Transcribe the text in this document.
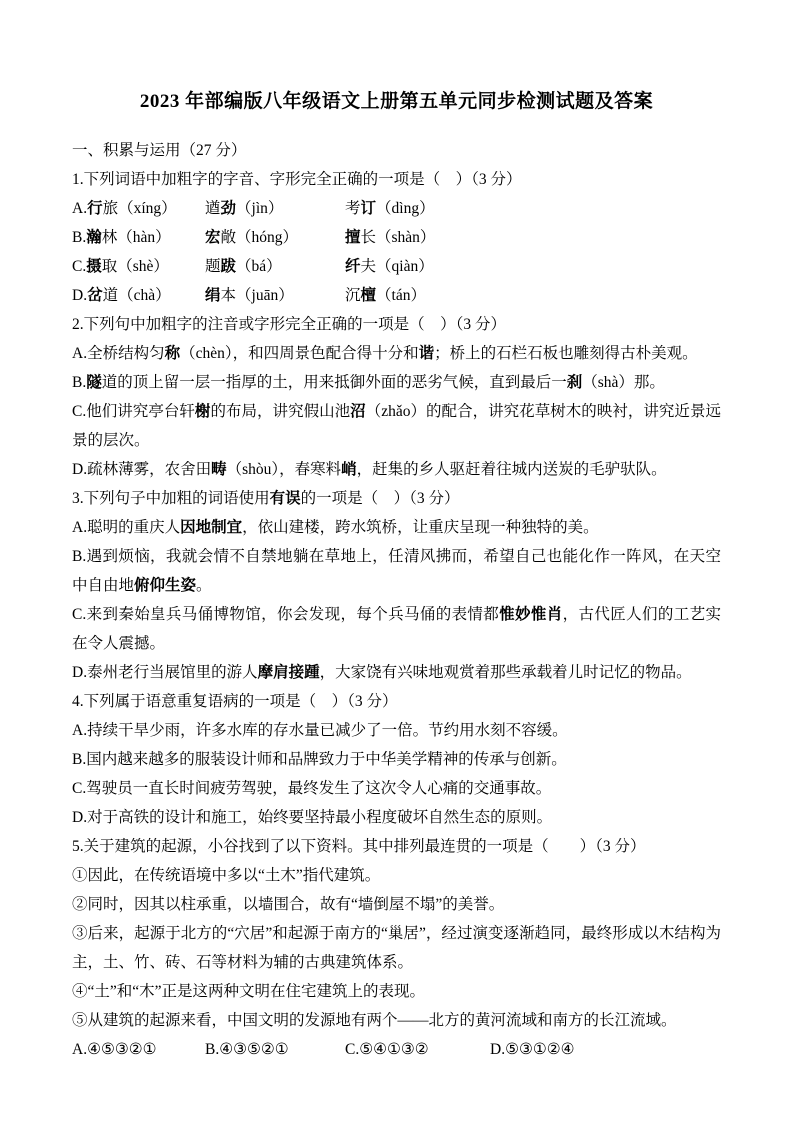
2023 年部编版八年级语文上册第五单元同步检测试题及答案
一、积累与运用（27 分）
1.下列词语中加粗字的字音、字形完全正确的一项是（　）（3 分）
A.行旅（xíng）	遒劲（jìn）	考订（dìng）
B.瀚林（hàn）	宏敞（hóng）	擅长（shàn）
C.摄取（shè）	题跋（bá）	纤夫（qiàn）
D.岔道（chà）	绢本（juān）	沉檀（tán）
2.下列句中加粗字的注音或字形完全正确的一项是（　）（3 分）
A.全桥结构匀称（chèn），和四周景色配合得十分和谐；桥上的石栏石板也雕刻得古朴美观。
B.隧道的顶上留一层一指厚的土，用来抵御外面的恶劣气候，直到最后一刹（shà）那。
C.他们讲究亭台轩榭的布局，讲究假山池沼（zhǎo）的配合，讲究花草树木的映衬，讲究近景远景的层次。
D.疏林薄雾，农舍田畴（shòu），春寒料峭，赶集的乡人驱赶着往城内送炭的毛驴驮队。
3.下列句子中加粗的词语使用有误的一项是（　）（3 分）
A.聪明的重庆人因地制宜，依山建楼，跨水筑桥，让重庆呈现一种独特的美。
B.遇到烦恼，我就会情不自禁地躺在草地上，任清风拂而，希望自己也能化作一阵风，在天空中自由地俯仰生姿。
C.来到秦始皇兵马俑博物馆，你会发现，每个兵马俑的表情都惟妙惟肖，古代匠人们的工艺实在令人震撼。
D.泰州老行当展馆里的游人摩肩接踵，大家饶有兴味地观赏着那些承载着儿时记忆的物品。
4.下列属于语意重复语病的一项是（　）（3 分）
A.持续干旱少雨，许多水库的存水量已减少了一倍。节约用水刻不容缓。
B.国内越来越多的服装设计师和品牌致力于中华美学精神的传承与创新。
C.驾驶员一直长时间疲劳驾驶，最终发生了这次令人心痛的交通事故。
D.对于高铁的设计和施工，始终要坚持最小程度破坏自然生态的原则。
5.关于建筑的起源，小谷找到了以下资料。其中排列最连贯的一项是（　　）（3 分）
①因此，在传统语境中多以“土木”指代建筑。
②同时，因其以柱承重，以墙围合，故有“墙倒屋不塌”的美誉。
③后来，起源于北方的“穴居”和起源于南方的“巢居”，经过演变逐渐趋同，最终形成以木结构为主，土、竹、砖、石等材料为辅的古典建筑体系。
④“土”和“木”正是这两种文明在住宅建筑上的表现。
⑤从建筑的起源来看，中国文明的发源地有两个——北方的黄河流域和南方的长江流域。
A.④⑤③②①	B.④③⑤②①	C.⑤④①③②	D.⑤③①②④
